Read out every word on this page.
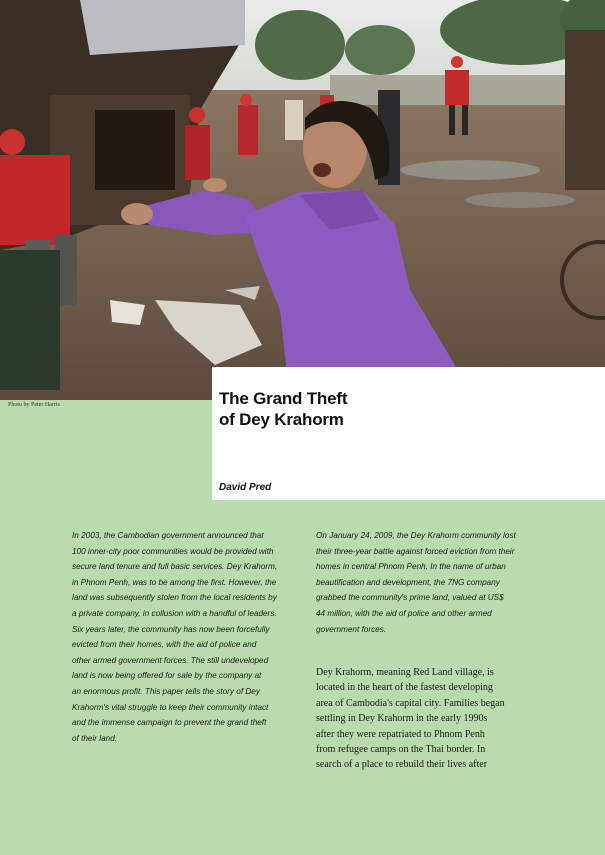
Photo by Peter Harris	The Grand Theft
of Dey Krahorm
David Pred
In 2003, the Cambodian government announced that
100 inner-city poor communities would be provided with
secure land tenure and full basic services. Dey Krahorm,
in Phnom Penh, was to be among the first. However, the
land was subsequently stolen from the local residents by
a private company, in collusion with a handful of leaders.
Six years later, the community has now been forcefully
evicted from their homes, with the aid of police and
other armed government forces. The still undeveloped
land is now being offered for sale by the company at
an enormous profit. This paper tells the story of Dey
Krahorm's vital struggle to keep their community intact
and the immense campaign to prevent the grand theft
of their land.
On January 24, 2009, the Dey Krahorm community lost
their three-year battle against forced eviction from their
homes in central Phnom Penh. In the name of urban
beautification and development, the 7NG company
grabbed the community's prime land, valued at US$
44 million, with the aid of police and other armed
government forces.
Dey Krahorm, meaning Red Land village, is
located in the heart of the fastest developing
area of Cambodia's capital city. Families began
settling in Dey Krahorm in the early 1990s
after they were repatriated to Phnom Penh
from refugee camps on the Thai border. In
search of a place to rebuild their lives after
